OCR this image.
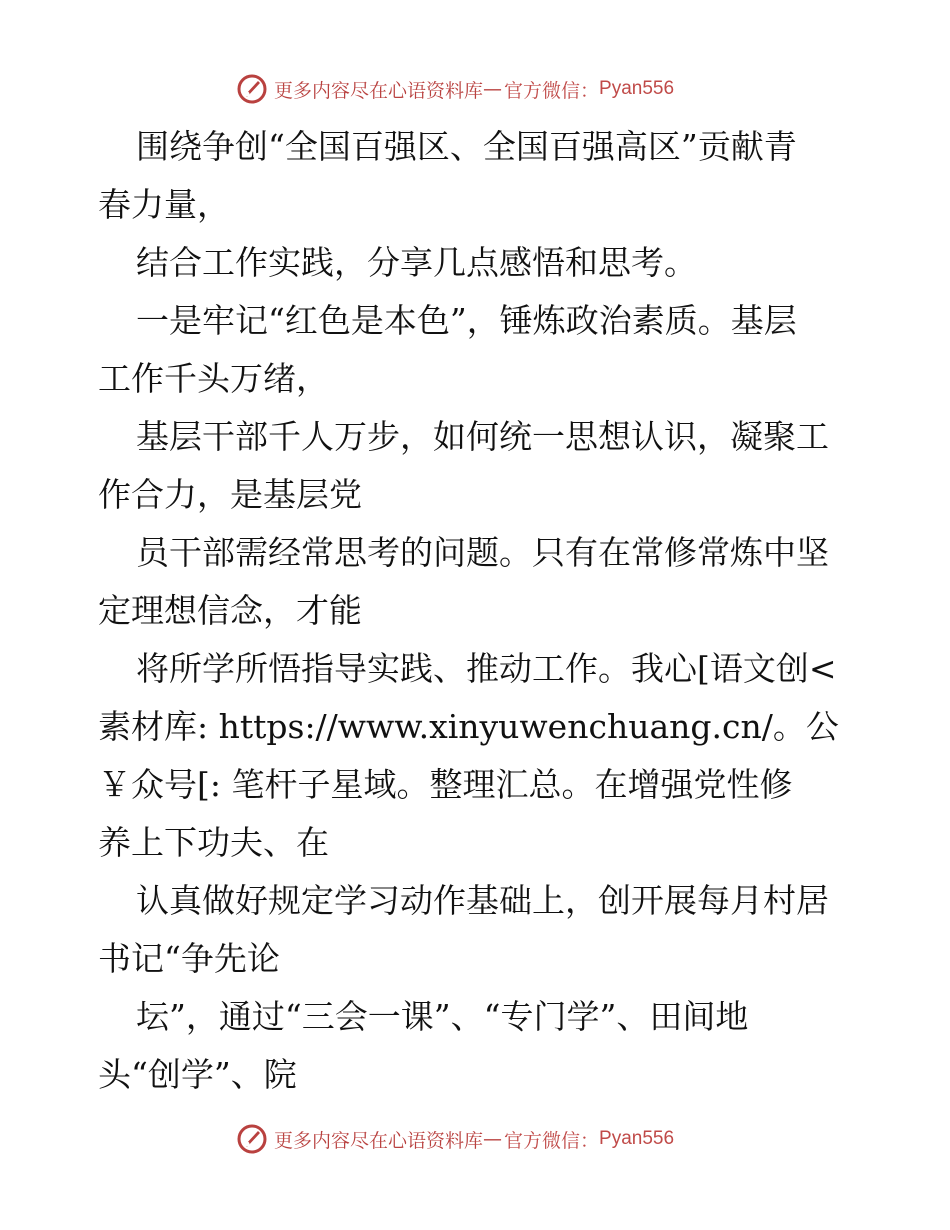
更多内容尽在心语资料库 — 官方微信： Pyan556
围绕争创“全国百强区、全国百强高区”贡献青
春力量，
结合工作实践，分享几点感悟和思考。
一是牢记“红色是本色”，锤炼政治素质。基层
工作千头万绪，
基层干部千人万步，如何统一思想认识，凝聚工
作合力，是基层党
员干部需经常思考的问题。只有在常修常炼中坚
定理想信念，才能
将所学所悟指导实践、推动工作。我心[语文创<
素材库: https://www.xinyuwenchuang.cn/。公
￥众号[: 笔杆子星域。整理汇总。在增强党性修
养上下功夫、在
认真做好规定学习动作基础上，创开展每月村居
书记“争先论
坛”，通过“三会一课”、“专门学”、田间地
头“创学”、院
更多内容尽在心语资料库 — 官方微信： Pyan556
